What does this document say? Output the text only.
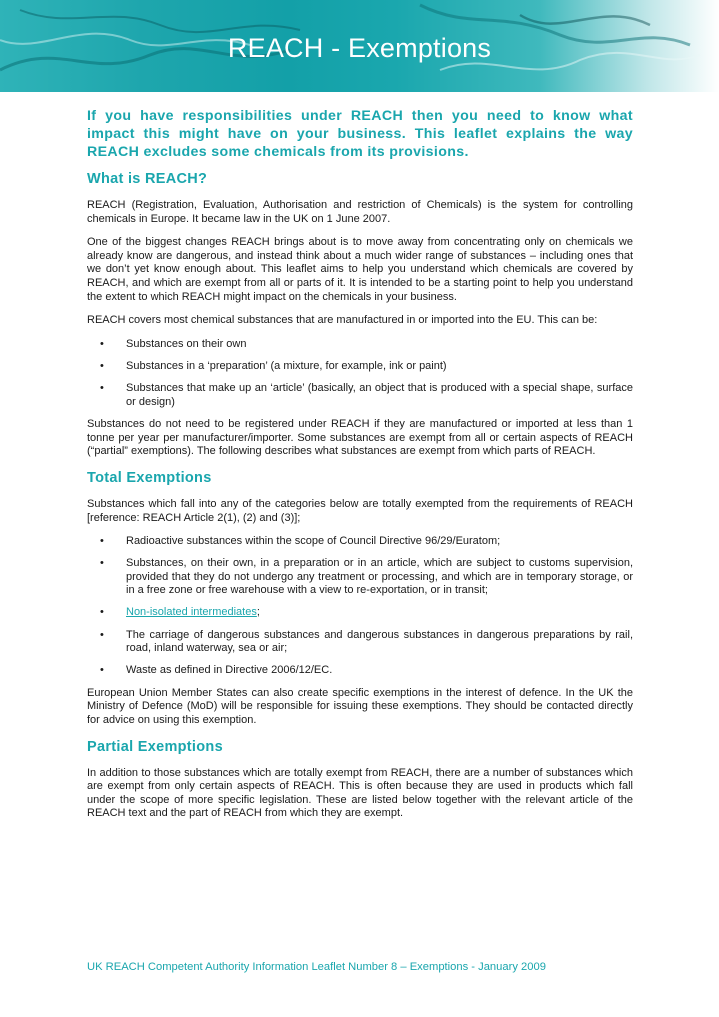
REACH - Exemptions
If you have responsibilities under REACH then you need to know what impact this might have on your business. This leaflet explains the way REACH excludes some chemicals from its provisions.
What is REACH?

REACH (Registration, Evaluation, Authorisation and restriction of Chemicals) is the system for controlling chemicals in Europe. It became law in the UK on 1 June 2007.

One of the biggest changes REACH brings about is to move away from concentrating only on chemicals we already know are dangerous, and instead think about a much wider range of substances – including ones that we don’t yet know enough about. This leaflet aims to help you understand which chemicals are covered by REACH, and which are exempt from all or parts of it. It is intended to be a starting point to help you understand the extent to which REACH might impact on the chemicals in your business.

REACH covers most chemical substances that are manufactured in or imported into the EU. This can be:

• Substances on their own
• Substances in a ‘preparation’ (a mixture, for example, ink or paint)
• Substances that make up an ‘article’ (basically, an object that is produced with a special shape, surface or design)

Substances do not need to be registered under REACH if they are manufactured or imported at less than 1 tonne per year per manufacturer/importer. Some substances are exempt from all or certain aspects of REACH (“partial” exemptions). The following describes what substances are exempt from which parts of REACH.

Total Exemptions

Substances which fall into any of the categories below are totally exempted from the requirements of REACH [reference: REACH Article 2(1), (2) and (3)];

• Radioactive substances within the scope of Council Directive 96/29/Euratom;
• Substances, on their own, in a preparation or in an article, which are subject to customs supervision, provided that they do not undergo any treatment or processing, and which are in temporary storage, or in a free zone or free warehouse with a view to re-exportation, or in transit;
• Non-isolated intermediates;
• The carriage of dangerous substances and dangerous substances in dangerous preparations by rail, road, inland waterway, sea or air;
• Waste as defined in Directive 2006/12/EC.

European Union Member States can also create specific exemptions in the interest of defence. In the UK the Ministry of Defence (MoD) will be responsible for issuing these exemptions. They should be contacted directly for advice on using this exemption.

Partial Exemptions

In addition to those substances which are totally exempt from REACH, there are a number of substances which are exempt from only certain aspects of REACH. This is often because they are used in products which fall under the scope of more specific legislation. These are listed below together with the relevant article of the REACH text and the part of REACH from which they are exempt.

UK REACH Competent Authority Information Leaflet Number 8 – Exemptions - January 2009
